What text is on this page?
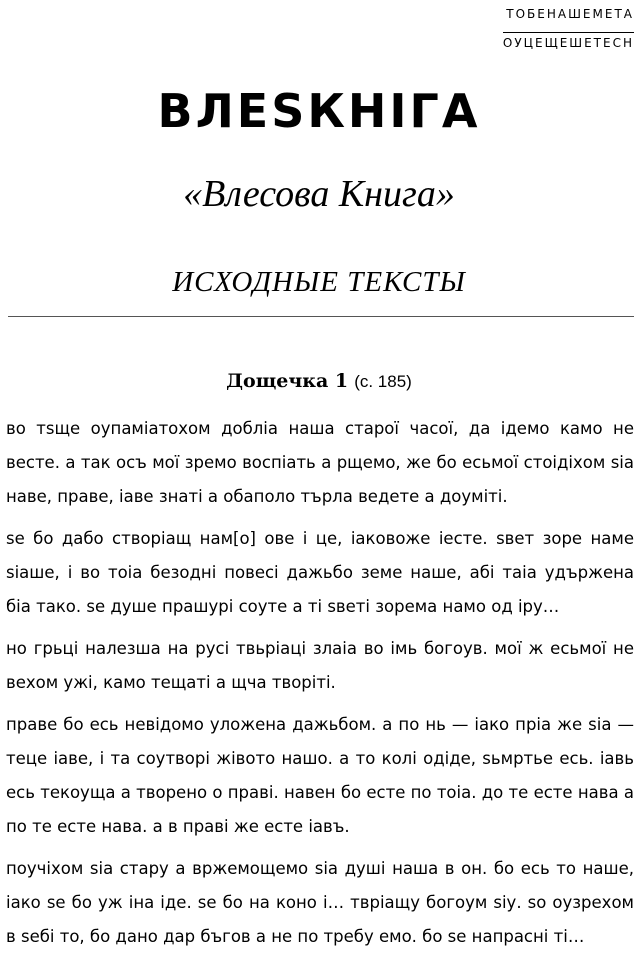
ТОБЕНАШЕМЕТА
ОУЦЕЩЕШЕТЕСН
ВЛЕЅКНІГА
«Влесова Книга»
ИСХОДНЫЕ ТЕКСТЫ
Дощечка 1 (с. 185)

во тѕще оупаміатохом добліа наша старої часої, да ідемо камо не весте. а так осъ мої зремо воспіать а рщемо, же бо есьмої стоідіхом ѕіа наве, праве, іаве знаті а обаполо търла ведете а доуміті.

ѕе бо дабо створіащ нам[о] ове і це, іаковоже іесте. ѕвет зоре наме ѕіаше, і во тоіа безодні повесі дажьбо земе наше, абі таіа удържена біа тако. ѕе душе прашурі соуте а ті ѕветі зорема намо од іру…

но грьці налезша на русі твьріаці злаіа во імь богоув. мої ж есьмої не вехом ужі, камо тещаті а щча творіті.

праве бо есь невідомо уложена дажьбом. а по нь — іако пріа же ѕіа — теце іаве, і та соутворі жівото нашо. а то колі одіде, ѕьмртье есь. іавь есь текоуща а творено о праві. навен бо есте по тоіа. до те есте нава а по те есте нава. а в праві же есте іавъ.

поучіхом ѕіа стару а вржемощемо ѕіа душі наша в он. бо есь то наше, іако ѕе бо уж іна іде. ѕе бо на коно і… твріащу богоум ѕіу. ѕо оузрехом в ѕебі то, бо дано дар бъгов а не по требу емо. бо ѕе напрасні ті…
